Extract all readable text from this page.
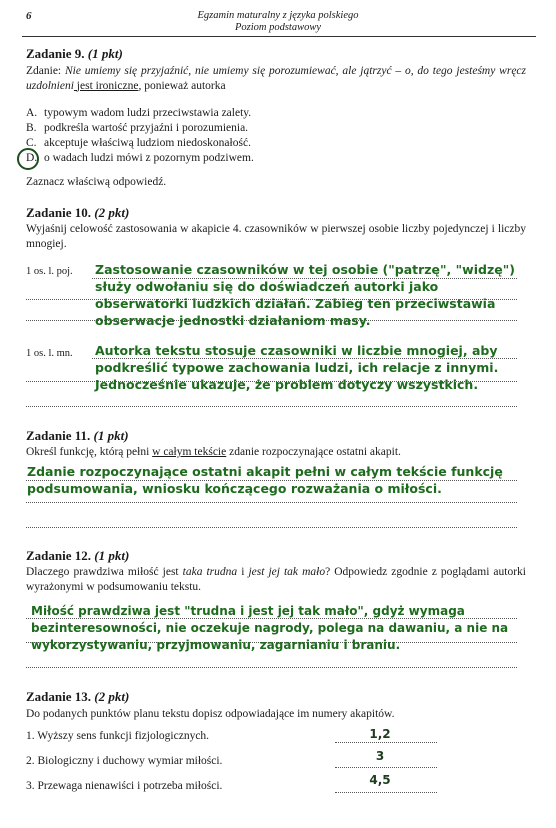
6	Egzamin maturalny z języka polskiego
Poziom podstawowy
Zadanie 9. (1 pkt)
Zdanie: Nie umiemy się przyjaźnić, nie umiemy się porozumiewać, ale jątrzyć – o, do tego jesteśmy wręcz uzdolnieni jest ironiczne, ponieważ autorka
A. typowym wadom ludzi przeciwstawia zalety.
B. podkreśla wartość przyjaźni i porozumienia.
C. akceptuje właściwą ludziom niedoskonałość.
D. o wadach ludzi mówi z pozornym podziwem.
Zaznacz właściwą odpowiedź.
Zadanie 10. (2 pkt)
Wyjaśnij celowość zastosowania w akapicie 4. czasowników w pierwszej osobie liczby pojedynczej i liczby mnogiej.
1 os. l. poj. Zastosowanie czasowników w tej osobie ("patrzę", "widzę") służy odwołaniu się do doświadczeń autorki jako obserwatorki ludzkich działań. Zabieg ten przeciwstawia obserwacje jednostki działaniom masy.
1 os. l. mn. Autorka tekstu stosuje czasowniki w liczbie mnogiej, aby podkreślić typowe zachowania ludzi, ich relacje z innymi. Jednocześnie ukazuje, że problem dotyczy wszystkich.
Zadanie 11. (1 pkt)
Określ funkcję, którą pełni w całym tekście zdanie rozpoczynające ostatni akapit.
Zdanie rozpoczynające ostatni akapit pełni w całym tekście funkcję podsumowania, wniosku kończącego rozważania o miłości.
Zadanie 12. (1 pkt)
Dlaczego prawdziwa miłość jest taka trudna i jest jej tak mało? Odpowiedz zgodnie z poglądami autorki wyrażonymi w podsumowaniu tekstu.
Miłość prawdziwa jest "trudna i jest jej tak mało", gdyż wymaga bezinteresowności, nie oczekuje nagrody, polega na dawaniu, a nie na wykorzystywaniu, przyjmowaniu, zagarnianiu i braniu.
Zadanie 13. (2 pkt)
Do podanych punktów planu tekstu dopisz odpowiadające im numery akapitów.
1. Wyższy sens funkcji fizjologicznych.	1,2
2. Biologiczny i duchowy wymiar miłości.	3
3. Przewaga nienawiści i potrzeba miłości.	4,5
